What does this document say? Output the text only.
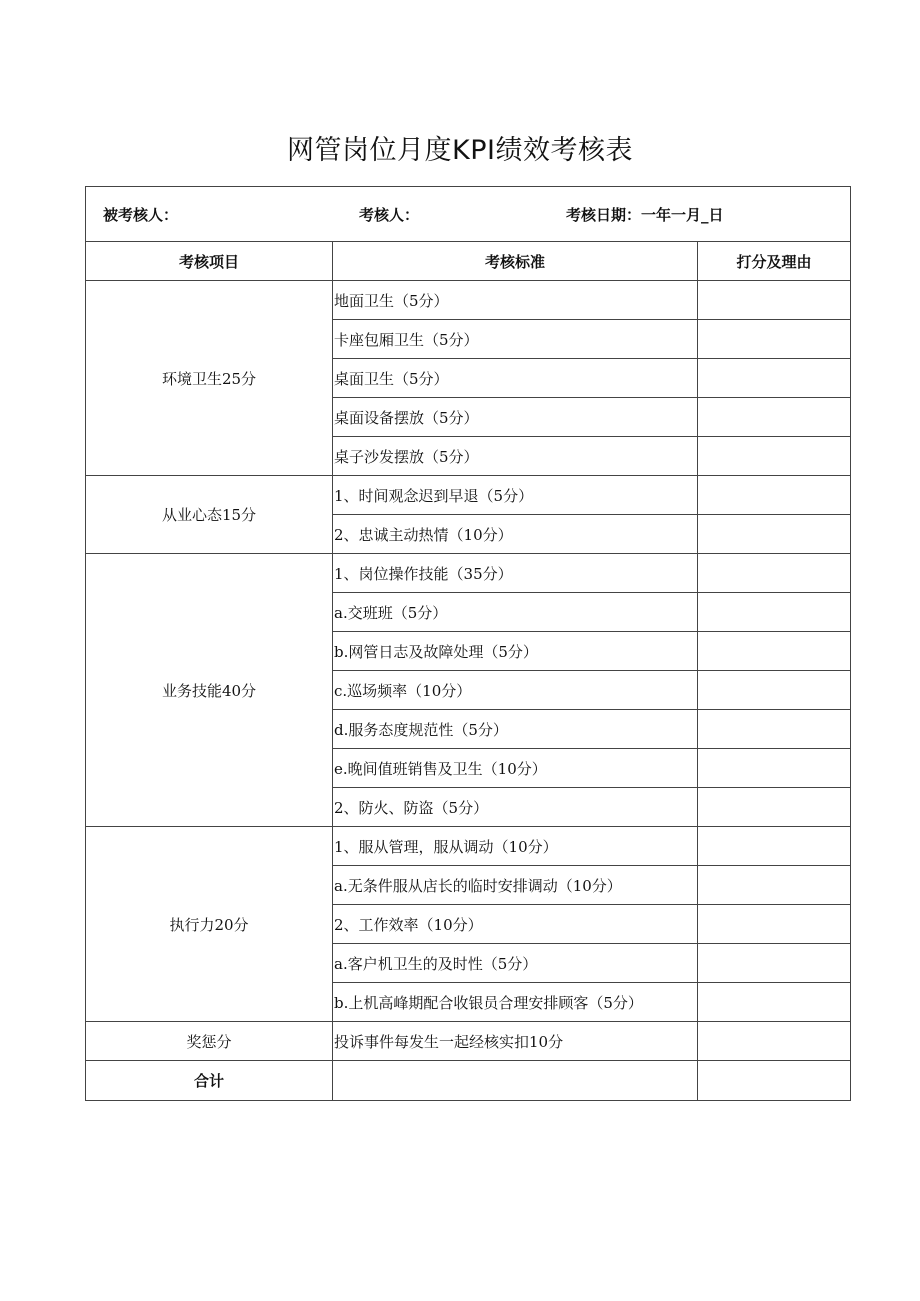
网管岗位月度KPI绩效考核表
被考核人： 考核人： 考核日期：一年一月_日		

考核项目	考核标准	打分及理由
环境卫生25分	地面卫生（5分）	
	卡座包厢卫生（5分）	
	桌面卫生（5分）	
	桌面设备摆放（5分）	
	桌子沙发摆放（5分）	
从业心态15分	1、时间观念迟到早退（5分）	
	2、忠诚主动热情（10分）	
业务技能40分	1、岗位操作技能（35分）	
	a.交班班（5分）	
	b.网管日志及故障处理（5分）	
	c.巡场频率（10分）	
	d.服务态度规范性（5分）	
	e.晚间值班销售及卫生（10分）	
	2、防火、防盗（5分）	
执行力20分	1、服从管理，服从调动（10分）	
	a.无条件服从店长的临时安排调动（10分）	
	2、工作效率（10分）	
	a.客户机卫生的及时性（5分）	
	b.上机高峰期配合收银员合理安排顾客（5分）	
奖惩分	投诉事件每发生一起经核实扣10分	
合计		
